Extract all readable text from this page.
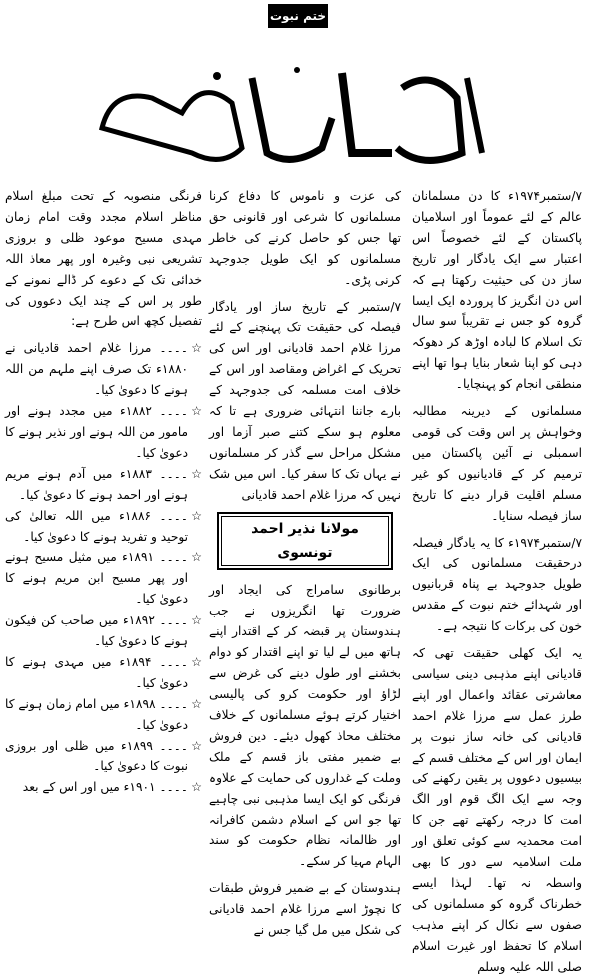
ختم نبوت

۷/ستمبر۱۹۷۴ء کا دن مسلمانان عالم کے لئے عموماً اور اسلامیان پاکستان کے لئے خصوصاً اس اعتبار سے ایک یادگار اور تاریخ ساز دن کی حیثیت رکھتا ہے کہ اس دن انگریز کا پروردہ ایک ایسا گروہ کو جس نے تقریباً سو سال تک اسلام کا لبادہ اوڑھ کر دھوکہ دہی کو اپنا شعار بنایا ہوا تھا اپنے منطقی انجام کو پہنچایا۔

مسلمانوں کے دیرینہ مطالبہ وخواہش پر اس وقت کی قومی اسمبلی نے آئین پاکستان میں ترمیم کر کے قادیانیوں کو غیر مسلم اقلیت قرار دینے کا تاریخ ساز فیصلہ سنایا۔

۷/ستمبر۱۹۷۴ء کا یہ یادگار فیصلہ درحقیقت مسلمانوں کی ایک طویل جدوجہد بے پناہ قربانیوں اور شہدائے ختم نبوت کے مقدس خون کی برکات کا نتیجہ ہے۔

یہ ایک کھلی حقیقت تھی کہ قادیانی اپنے مذہبی دینی سیاسی معاشرتی عقائد واعمال اور اپنے طرز عمل سے مرزا غلام احمد قادیانی کی خانہ ساز نبوت پر ایمان اور اس کے مختلف قسم کے بیسیوں دعووں پر یقین رکھنے کی وجہ سے ایک الگ قوم اور الگ امت کا درجہ رکھتے تھے جن کا امت محمدیہ سے کوئی تعلق اور ملت اسلامیہ سے دور کا بھی واسطہ نہ تھا۔ لہذا ایسے خطرناک گروہ کو مسلمانوں کی صفوں سے نکال کر اپنے مذہب اسلام کا تحفظ اور غیرت اسلام صلی اللہ علیہ وسلم

کی عزت و ناموس کا دفاع کرنا مسلمانوں کا شرعی اور قانونی حق تھا جس کو حاصل کرنے کی خاطر مسلمانوں کو ایک طویل جدوجہد کرنی پڑی۔

۷/ستمبر کے تاریخ ساز اور یادگار فیصلہ کی حقیقت تک پہنچنے کے لئے مرزا غلام احمد قادیانی اور اس کی تحریک کے اغراض ومقاصد اور اس کے خلاف امت مسلمہ کی جدوجہد کے بارے جاننا انتہائی ضروری ہے تا کہ معلوم ہو سکے کتنے صبر آزما اور مشکل مراحل سے گذر کر مسلمانوں نے یہاں تک کا سفر کیا۔ اس میں شک نہیں کہ مرزا غلام احمد قادیانی

مولانا نذیر احمد تونسوی

برطانوی سامراج کی ایجاد اور ضرورت تھا انگریزوں نے جب ہندوستان پر قبضہ کر کے اقتدار اپنے ہاتھ میں لے لیا تو اپنے اقتدار کو دوام بخشنے اور طول دینے کی غرض سے لڑاؤ اور حکومت کرو کی پالیسی اختیار کرتے ہوئے مسلمانوں کے خلاف مختلف محاذ کھول دیئے۔ دین فروش بے ضمیر مفتی باز قسم کے ملک وملت کے غداروں کی حمایت کے علاوہ فرنگی کو ایک ایسا مذہبی نبی چاہیے تھا جو اس کے اسلام دشمن کافرانہ اور ظالمانہ نظام حکومت کو سند الہام مہیا کر سکے۔

ہندوستان کے بے ضمیر فروش طبقات کا نچوڑ اسے مرزا غلام احمد قادیانی کی شکل میں مل گیا جس نے

فرنگی منصوبہ کے تحت مبلغ اسلام مناظر اسلام مجدد وقت امام زمان مہدی مسیح موعود ظلی و بروزی تشریعی نبی وغیرہ اور پھر معاذ اللہ خدائی تک کے دعوے کر ڈالے نمونے کے طور پر اس کے چند ایک دعووں کی تفصیل کچھ اس طرح ہے:

☆
۔۔۔۔ مرزا غلام احمد قادیانی نے ۱۸۸۰ء تک صرف اپنے ملہم من اللہ ہونے کا دعویٰ کیا۔

☆
۔۔۔۔ ۱۸۸۲ء میں مجدد ہونے اور مامور من اللہ ہونے اور نذیر ہونے کا دعویٰ کیا۔

☆
۔۔۔۔ ۱۸۸۳ء میں آدم ہونے مریم ہونے اور احمد ہونے کا دعویٰ کیا۔

☆
۔۔۔۔ ۱۸۸۶ء میں اللہ تعالیٰ کی توحید و تفرید ہونے کا دعویٰ کیا۔

☆
۔۔۔۔ ۱۸۹۱ء میں مثیل مسیح ہونے اور پھر مسیح ابن مریم ہونے کا دعویٰ کیا۔

☆
۔۔۔۔ ۱۸۹۲ء میں صاحب کن فیکون ہونے کا دعویٰ کیا۔

☆
۔۔۔۔ ۱۸۹۴ء میں مہدی ہونے کا دعویٰ کیا۔

☆
۔۔۔۔ ۱۸۹۸ء میں امام زمان ہونے کا دعویٰ کیا۔

☆
۔۔۔۔ ۱۸۹۹ء میں ظلی اور بروزی نبوت کا دعویٰ کیا۔

☆
۔۔۔۔ ۱۹۰۱ء میں اور اس کے بعد
